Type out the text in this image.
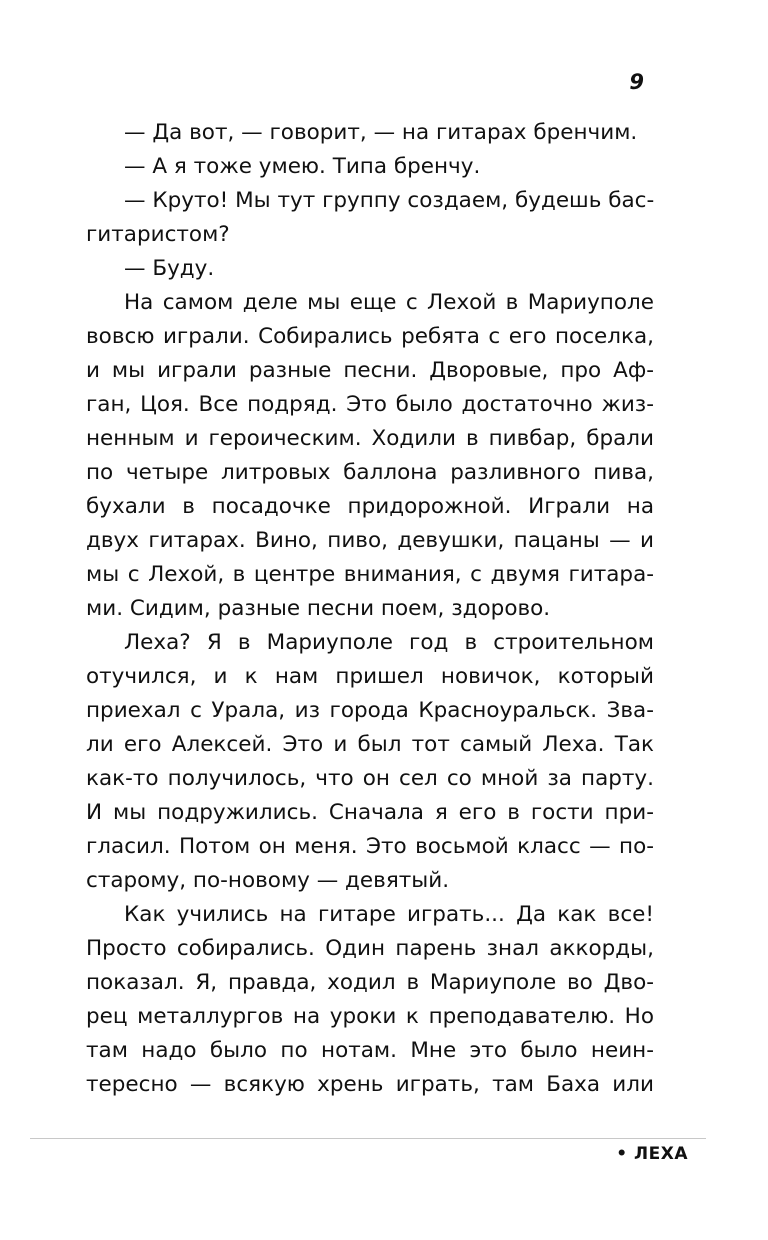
9
— Да вот, — говорит, — на гитарах бренчим.
— А я тоже умею. Типа бренчу.
— Круто! Мы тут группу создаем, будешь бас-
гитаристом?
— Буду.
На самом деле мы еще с Лехой в Мариуполе
вовсю играли. Собирались ребята с его поселка,
и мы играли разные песни. Дворовые, про Аф-
ган, Цоя. Все подряд. Это было достаточно жиз-
ненным и героическим. Ходили в пивбар, брали
по четыре литровых баллона разливного пива,
бухали в посадочке придорожной. Играли на
двух гитарах. Вино, пиво, девушки, пацаны — и
мы с Лехой, в центре внимания, с двумя гитара-
ми. Сидим, разные песни поем, здорово.
Леха? Я в Мариуполе год в строительном
отучился, и к нам пришел новичок, который
приехал с Урала, из города Красноуральск. Зва-
ли его Алексей. Это и был тот самый Леха. Так
как-то получилось, что он сел со мной за парту.
И мы подружились. Сначала я его в гости при-
гласил. Потом он меня. Это восьмой класс — по-
старому, по-новому — девятый.
Как учились на гитаре играть... Да как все!
Просто собирались. Один парень знал аккорды,
показал. Я, правда, ходил в Мариуполе во Дво-
рец металлургов на уроки к преподавателю. Но
там надо было по нотам. Мне это было неин-
тересно — всякую хрень играть, там Баха или
• ЛЕХА
